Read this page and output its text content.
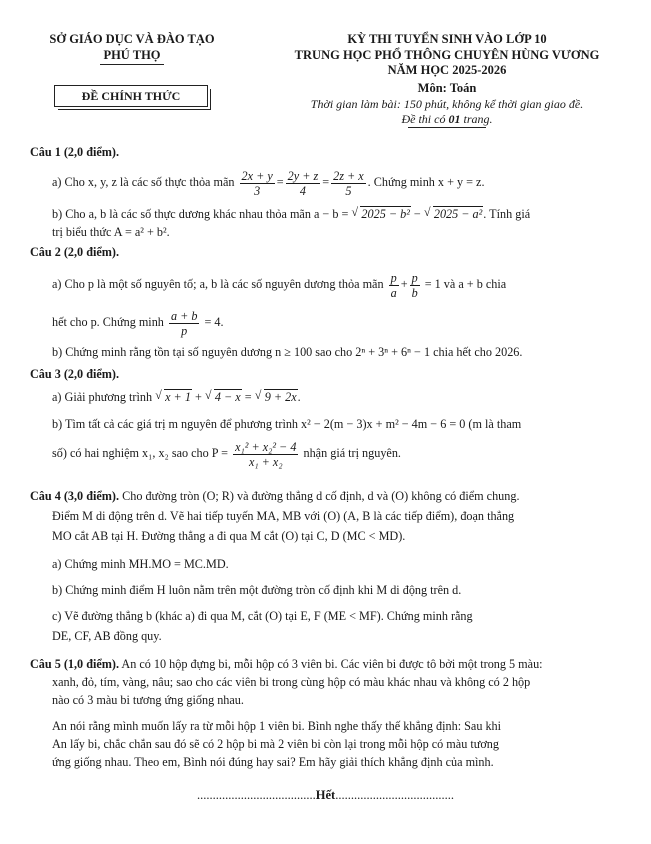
SỞ GIÁO DỤC VÀ ĐÀO TẠO
PHÚ THỌ
ĐỀ CHÍNH THỨC
KỲ THI TUYỂN SINH VÀO LỚP 10
TRUNG HỌC PHỔ THÔNG CHUYÊN HÙNG VƯƠNG
NĂM HỌC 2025-2026
Môn: Toán
Thời gian làm bài: 150 phút, không kể thời gian giao đề.
Đề thi có 01 trang.
Câu 1 (2,0 điểm).
a) Cho x, y, z là các số thực thỏa mãn $\frac{2x + y}{3} = \frac{2y + z}{4} = \frac{2z + x}{5}$ . Chứng minh x + y = z.
b) Cho a, b là các số thực dương khác nhau thỏa mãn a − b = √ 2025 − b² − √ 2025 − a². Tính giá
trị biểu thức A = a² + b².
Câu 2 (2,0 điểm).
a) Cho p là một số nguyên tố; a, b là các số nguyên dương thỏa mãn $\frac{p}{a} + \frac{p}{b} = 1$ và a + b chia
hết cho p. Chứng minh $\frac{a + b}{p} = 4$.
b) Chứng minh rằng tồn tại số nguyên dương n ≥ 100 sao cho 2ⁿ + 3ⁿ + 6ⁿ − 1 chia hết cho 2026.
Câu 3 (2,0 điểm).
a) Giải phương trình √ x + 1 + √ 4 − x = √ 9 + 2x.
b) Tìm tất cả các giá trị m nguyên để phương trình x² − 2(m − 3)x + m² − 4m − 6 = 0 (m là tham
số) có hai nghiệm x₁, x₂ sao cho $P = \frac{\text{x₁² + x₂² − 4}}{\text{x₁ + x₂}}$ nhận giá trị nguyên.
Câu 4 (3,0 điểm). Cho đường tròn (O; R) và đường thẳng d cố định, d và (O) không có điểm chung.
Điểm M di động trên d. Vẽ hai tiếp tuyến MA, MB với (O) (A, B là các tiếp điểm), đoạn thẳng
MO cắt AB tại H. Đường thẳng a đi qua M cắt (O) tại C, D (MC < MD).
a) Chứng minh MH.MO = MC.MD.
b) Chứng minh điểm H luôn nằm trên một đường tròn cố định khi M di động trên d.
c) Vẽ đường thẳng b (khác a) đi qua M, cắt (O) tại E, F (ME < MF). Chứng minh rằng
DE, CF, AB đồng quy.
Câu 5 (1,0 điểm). An có 10 hộp đựng bi, mỗi hộp có 3 viên bi. Các viên bi được tô bởi một trong 5 màu:
xanh, đỏ, tím, vàng, nâu; sao cho các viên bi trong cùng hộp có màu khác nhau và không có 2 hộp
nào có 3 màu bi tương ứng giống nhau.
An nói rằng mình muốn lấy ra từ mỗi hộp 1 viên bi. Bình nghe thấy thế khẳng định: Sau khi
An lấy bi, chắc chắn sau đó sẽ có 2 hộp bi mà 2 viên bi còn lại trong mỗi hộp có màu tương
ứng giống nhau. Theo em, Bình nói đúng hay sai? Em hãy giải thích khẳng định của mình.
......................................Hết......................................
